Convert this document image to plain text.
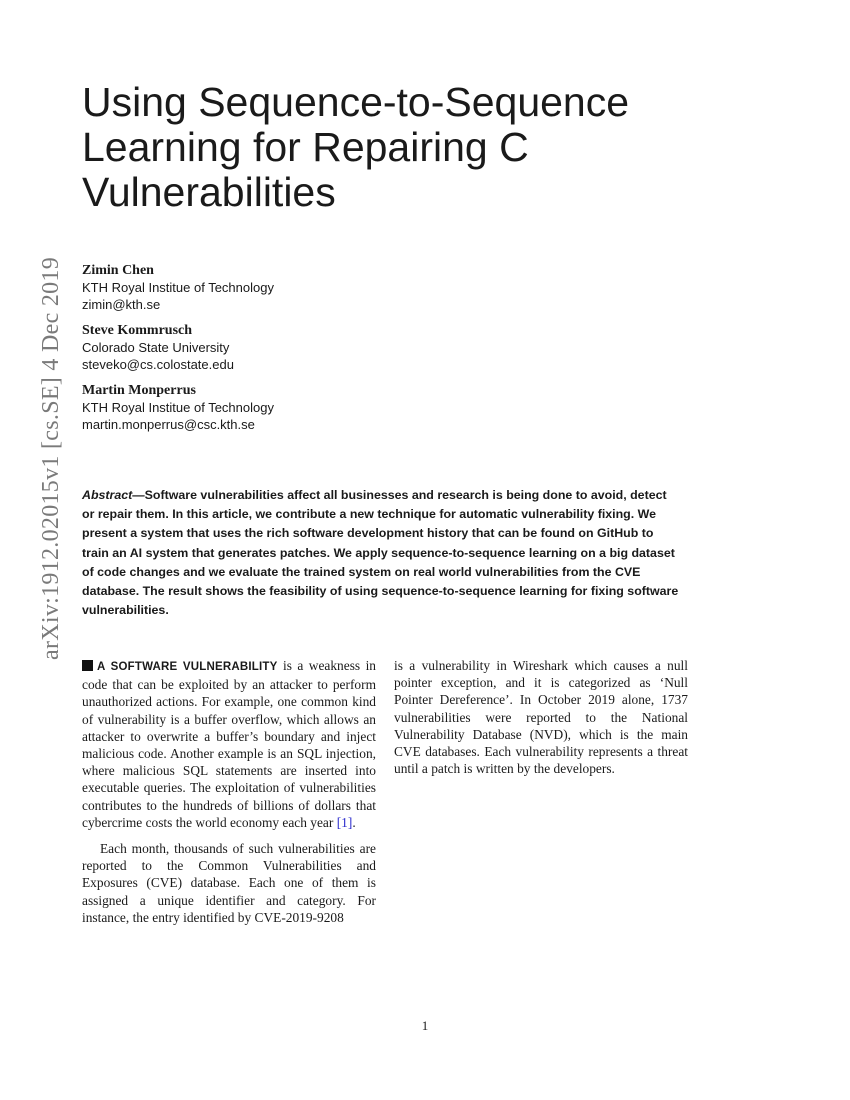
arXiv:1912.02015v1 [cs.SE] 4 Dec 2019
Using Sequence-to-Sequence Learning for Repairing C Vulnerabilities
Zimin Chen
KTH Royal Institue of Technology
zimin@kth.se
Steve Kommrusch
Colorado State University
steveko@cs.colostate.edu
Martin Monperrus
KTH Royal Institue of Technology
martin.monperrus@csc.kth.se
Abstract—Software vulnerabilities affect all businesses and research is being done to avoid, detect or repair them. In this article, we contribute a new technique for automatic vulnerability fixing. We present a system that uses the rich software development history that can be found on GitHub to train an AI system that generates patches. We apply sequence-to-sequence learning on a big dataset of code changes and we evaluate the trained system on real world vulnerabilities from the CVE database. The result shows the feasibility of using sequence-to-sequence learning for fixing software vulnerabilities.

A SOFTWARE VULNERABILITY is a weakness in code that can be exploited by an attacker to perform unauthorized actions. For example, one common kind of vulnerability is a buffer overflow, which allows an attacker to overwrite a buffer’s boundary and inject malicious code. Another example is an SQL injection, where malicious SQL statements are inserted into executable queries. The exploitation of vulnerabilities contributes to the hundreds of billions of dollars that cybercrime costs the world economy each year [1].

Each month, thousands of such vulnerabilities are reported to the Common Vulnerabilities and Exposures (CVE) database. Each one of them is assigned a unique identifier and category. For instance, the entry identified by CVE-2019-9208

is a vulnerability in Wireshark which causes a null pointer exception, and it is categorized as ‘Null Pointer Dereference’. In October 2019 alone, 1737 vulnerabilities were reported to the National Vulnerability Database (NVD), which is the main CVE databases. Each vulnerability represents a threat until a patch is written by the developers.

1
